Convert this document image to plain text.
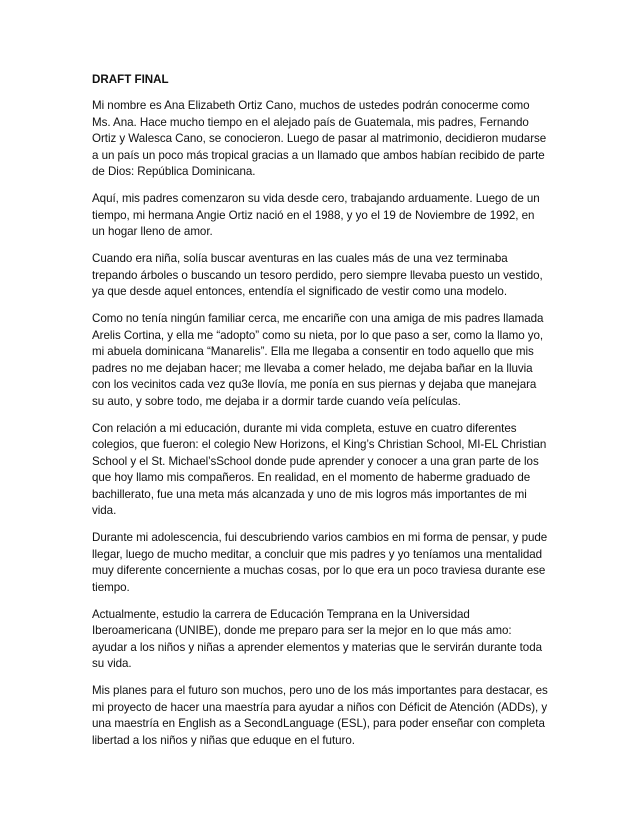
DRAFT FINAL

Mi nombre es Ana Elizabeth Ortiz Cano, muchos de ustedes podrán conocerme como Ms. Ana. Hace mucho tiempo en el alejado país de Guatemala, mis padres, Fernando Ortiz y Walesca Cano, se conocieron. Luego de pasar al matrimonio, decidieron mudarse a un país un poco más tropical gracias a un llamado que ambos habían recibido de parte de Dios: República Dominicana.

Aquí, mis padres comenzaron su vida desde cero, trabajando arduamente. Luego de un tiempo, mi hermana Angie Ortiz nació en el 1988, y yo el 19 de Noviembre de 1992, en un hogar lleno de amor.

Cuando era niña, solía buscar aventuras en las cuales más de una vez terminaba trepando árboles o buscando un tesoro perdido, pero siempre llevaba puesto un vestido, ya que desde aquel entonces, entendía el significado de vestir como una modelo.

Como no tenía ningún familiar cerca, me encariñe con una amiga de mis padres llamada Arelis Cortina, y ella me “adopto” como su nieta, por lo que paso a ser, como la llamo yo, mi abuela dominicana “Manarelis”. Ella me llegaba a consentir en todo aquello que mis padres no me dejaban hacer; me llevaba a comer helado, me dejaba bañar en la lluvia con los vecinitos cada vez qu3e llovía, me ponía en sus piernas y dejaba que manejara su auto, y sobre todo, me dejaba ir a dormir tarde cuando veía películas.

Con relación a mi educación, durante mi vida completa, estuve en cuatro diferentes colegios, que fueron: el colegio New Horizons, el King’s Christian School, MI-EL Christian School y el St. Michael’sSchool donde pude aprender y conocer a una gran parte de los que hoy llamo mis compañeros. En realidad, en el momento de haberme graduado de bachillerato, fue una meta más alcanzada y uno de mis logros más importantes de mi vida.

Durante mi adolescencia, fui descubriendo varios cambios en mi forma de pensar, y pude llegar, luego de mucho meditar, a concluir que mis padres y yo teníamos una mentalidad muy diferente concerniente a muchas cosas, por lo que era un poco traviesa durante ese tiempo.

Actualmente, estudio la carrera de Educación Temprana en la Universidad Iberoamericana (UNIBE), donde me preparo para ser la mejor en lo que más amo: ayudar a los niños y niñas a aprender elementos y materias que le servirán durante toda su vida.

Mis planes para el futuro son muchos, pero uno de los más importantes para destacar, es mi proyecto de hacer una maestría para ayudar a niños con Déficit de Atención (ADDs), y una maestría en English as a SecondLanguage (ESL), para poder enseñar con completa libertad a los niños y niñas que eduque en el futuro.
